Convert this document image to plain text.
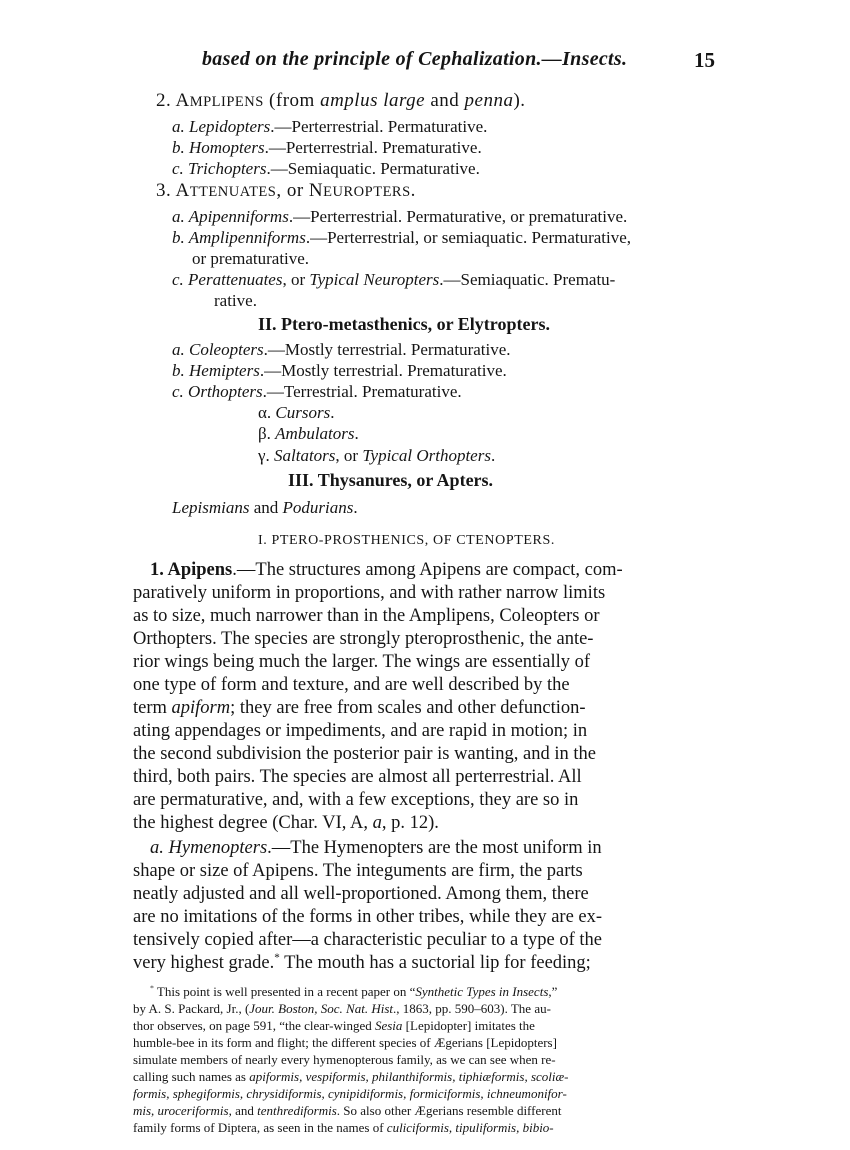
based on the principle of Cephalization.—Insects.	15
2. AMPLIPENS (from amplus large and penna).
a. Lepidopters.—Perterrestrial. Permaturative.
b. Homopters.—Perterrestrial. Prematurative.
c. Trichopters.—Semiaquatic. Permaturative.
3. ATTENUATES, or NEUROPTERS.
a. Apipenniforms.—Perterrestrial. Permaturative, or prematurative.
b. Amplipenniforms.—Perterrestrial, or semiaquatic. Permaturative,
or prematurative.
c. Perattenuates, or Typical Neuropters.—Semiaquatic. Prematu-
rative.
II. Ptero-metasthenics, or Elytropters.
a. Coleopters.—Mostly terrestrial. Permaturative.
b. Hemipters.—Mostly terrestrial. Prematurative.
c. Orthopters.—Terrestrial. Prematurative.
α. Cursors.
β. Ambulators.
γ. Saltators, or Typical Orthopters.
III. Thysanures, or Apters.
Lepismians and Podurians.
I. PTERO-PROSTHENICS, OF CTENOPTERS.
1. Apipens.—The structures among Apipens are compact, com-
paratively uniform in proportions, and with rather narrow limits
as to size, much narrower than in the Amplipens, Coleopters or
Orthopters. The species are strongly pteroprosthenic, the ante-
rior wings being much the larger. The wings are essentially of
one type of form and texture, and are well described by the
term apiform; they are free from scales and other defunction-
ating appendages or impediments, and are rapid in motion; in
the second subdivision the posterior pair is wanting, and in the
third, both pairs. The species are almost all perterrestrial. All
are permaturative, and, with a few exceptions, they are so in
the highest degree (Char. VI, A, a, p. 12).
a. Hymenopters.—The Hymenopters are the most uniform in
shape or size of Apipens. The integuments are firm, the parts
neatly adjusted and all well-proportioned. Among them, there
are no imitations of the forms in other tribes, while they are ex-
tensively copied after—a characteristic peculiar to a type of the
very highest grade.* The mouth has a suctorial lip for feeding;
* This point is well presented in a recent paper on “Synthetic Types in Insects,”
by A. S. Packard, Jr., (Jour. Boston, Soc. Nat. Hist., 1863, pp. 590–603). The au-
thor observes, on page 591, “the clear-winged Sesia [Lepidopter] imitates the
humble-bee in its form and flight; the different species of Ægerians [Lepidopters]
simulate members of nearly every hymenopterous family, as we can see when re-
calling such names as apiformis, vespiformis, philanthiformis, tiphiæformis, scoliæ-
formis, sphegiformis, chrysidiformis, cynipidiformis, formiciformis, ichneumonifor-
mis, uroceriformis, and tenthrediformis. So also other Ægerians resemble different
family forms of Diptera, as seen in the names of culiciformis, tipuliformis, bibio-
